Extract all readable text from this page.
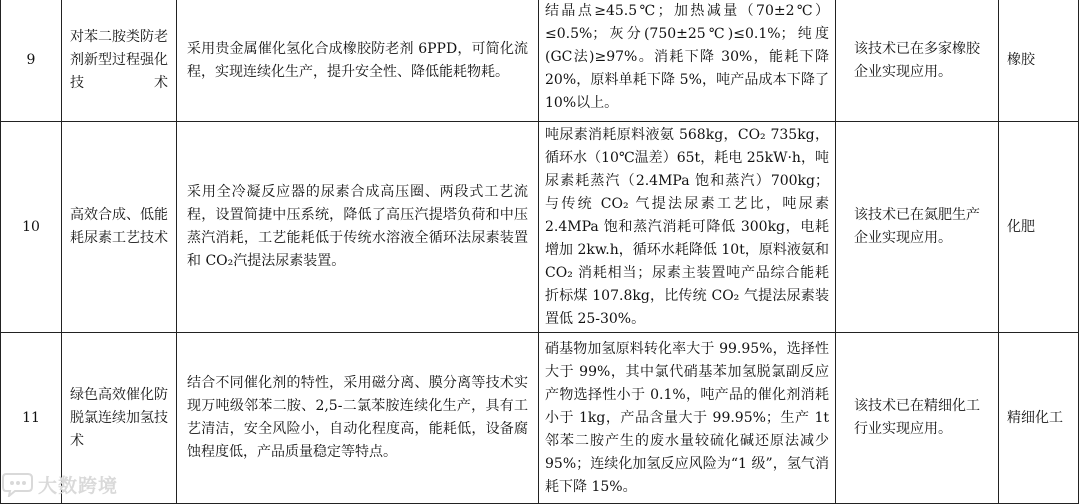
9	对苯二胺类防老剂新型过程强化技术	采用贵金属催化氢化合成橡胶防老剂 6PPD，可简化流程，实现连续化生产，提升安全性、降低能耗物耗。	结晶点≥45.5℃；加热减量（70±2℃）≤0.5%；灰分(750±25℃)≤0.1%；纯度(GC法)≥97%。消耗下降 30%，能耗下降 20%，原料单耗下降 5%，吨产品成本下降了 10%以上。	该技术已在多家橡胶企业实现应用。	橡胶
10	高效合成、低能耗尿素工艺技术	采用全冷凝反应器的尿素合成高压圈、两段式工艺流程，设置简捷中压系统，降低了高压汽提塔负荷和中压蒸汽消耗，工艺能耗低于传统水溶液全循环法尿素装置和 CO₂汽提法尿素装置。	吨尿素消耗原料液氨 568kg，CO₂ 735kg，循环水（10℃温差）65t，耗电 25kW·h，吨尿素耗蒸汽（2.4MPa 饱和蒸汽）700kg；与传统 CO₂ 气提法尿素工艺比，吨尿素 2.4MPa 饱和蒸汽消耗可降低 300kg，电耗增加 2kw.h，循环水耗降低 10t，原料液氨和 CO₂ 消耗相当；尿素主装置吨产品综合能耗折标煤 107.8kg，比传统 CO₂ 气提法尿素装置低 25-30%。	该技术已在氮肥生产企业实现应用。	化肥
11	绿色高效催化防脱氯连续加氢技术	结合不同催化剂的特性，采用磁分离、膜分离等技术实现万吨级邻苯二胺、2,5-二氯苯胺连续化生产，具有工艺清洁，安全风险小，自动化程度高，能耗低，设备腐蚀程度低，产品质量稳定等特点。	硝基物加氢原料转化率大于 99.95%，选择性大于 99%，其中氯代硝基苯加氢脱氯副反应产物选择性小于 0.1%，吨产品的催化剂消耗小于 1kg，产品含量大于 99.95%；生产 1t 邻苯二胺产生的废水量较硫化碱还原法减少 95%；连续化加氢反应风险为“1 级”，氢气消耗下降 15%。	该技术已在精细化工行业实现应用。	精细化工
大数跨境
